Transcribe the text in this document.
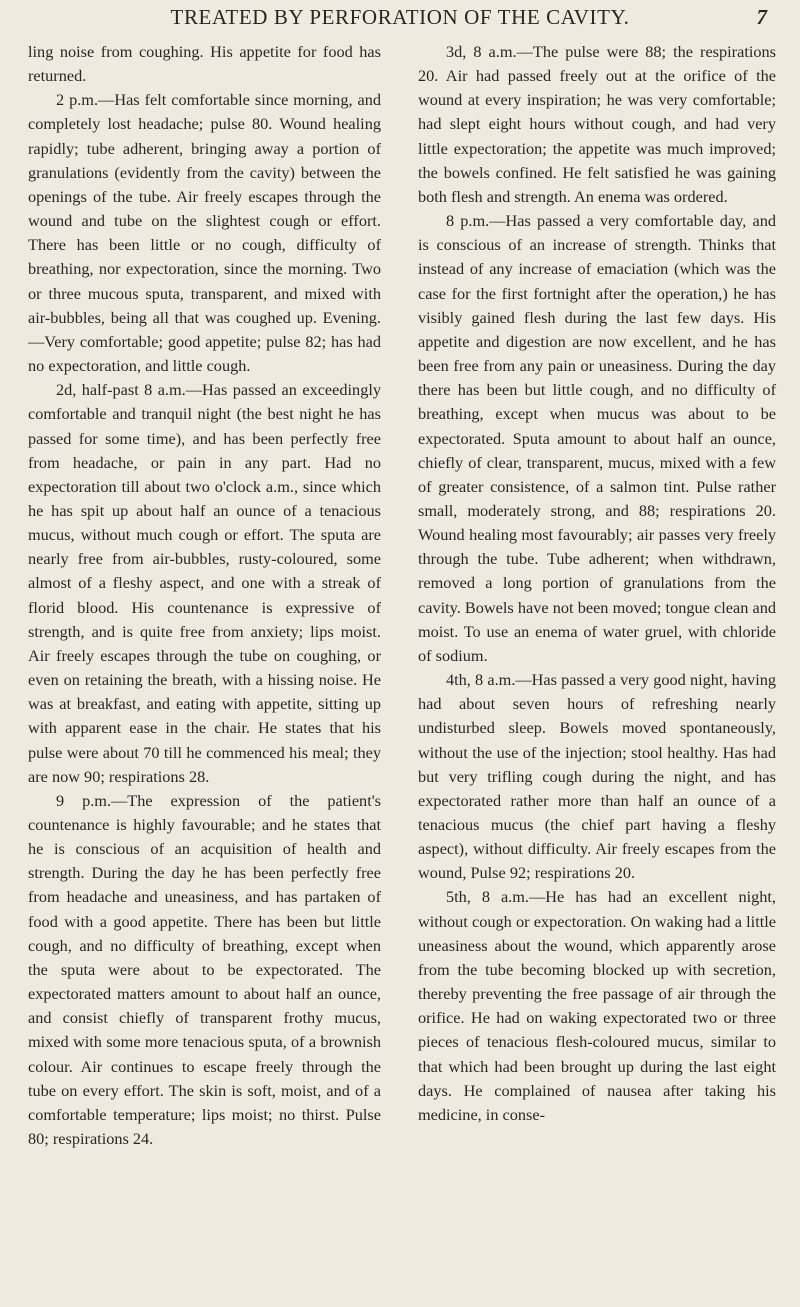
TREATED BY PERFORATION OF THE CAVITY.	7

ling noise from coughing. His appetite for food has returned.

2 p.m.—Has felt comfortable since morning, and completely lost headache; pulse 80. Wound healing rapidly; tube adherent, bringing away a portion of granulations (evidently from the cavity) between the openings of the tube. Air freely escapes through the wound and tube on the slightest cough or effort. There has been little or no cough, difficulty of breathing, nor expectoration, since the morning. Two or three mucous sputa, transparent, and mixed with air-bubbles, being all that was coughed up. Evening.—Very comfortable; good appetite; pulse 82; has had no expectoration, and little cough.

2d, half-past 8 a.m.—Has passed an exceedingly comfortable and tranquil night (the best night he has passed for some time), and has been perfectly free from headache, or pain in any part. Had no expectoration till about two o'clock a.m., since which he has spit up about half an ounce of a tenacious mucus, without much cough or effort. The sputa are nearly free from air-bubbles, rusty-coloured, some almost of a fleshy aspect, and one with a streak of florid blood. His countenance is expressive of strength, and is quite free from anxiety; lips moist. Air freely escapes through the tube on coughing, or even on retaining the breath, with a hissing noise. He was at breakfast, and eating with appetite, sitting up with apparent ease in the chair. He states that his pulse were about 70 till he commenced his meal; they are now 90; respirations 28.

9 p.m.—The expression of the patient's countenance is highly favourable; and he states that he is conscious of an acquisition of health and strength. During the day he has been perfectly free from headache and uneasiness, and has partaken of food with a good appetite. There has been but little cough, and no difficulty of breathing, except when the sputa were about to be expectorated. The expectorated matters amount to about half an ounce, and consist chiefly of transparent frothy mucus, mixed with some more tenacious sputa, of a brownish colour. Air continues to escape freely through the tube on every effort. The skin is soft, moist, and of a comfortable temperature; lips moist; no thirst. Pulse 80; respirations 24.

3d, 8 a.m.—The pulse were 88; the respirations 20. Air had passed freely out at the orifice of the wound at every inspiration; he was very comfortable; had slept eight hours without cough, and had very little expectoration; the appetite was much improved; the bowels confined. He felt satisfied he was gaining both flesh and strength. An enema was ordered.

8 p.m.—Has passed a very comfortable day, and is conscious of an increase of strength. Thinks that instead of any increase of emaciation (which was the case for the first fortnight after the operation,) he has visibly gained flesh during the last few days. His appetite and digestion are now excellent, and he has been free from any pain or uneasiness. During the day there has been but little cough, and no difficulty of breathing, except when mucus was about to be expectorated. Sputa amount to about half an ounce, chiefly of clear, transparent, mucus, mixed with a few of greater consistence, of a salmon tint. Pulse rather small, moderately strong, and 88; respirations 20. Wound healing most favourably; air passes very freely through the tube. Tube adherent; when withdrawn, removed a long portion of granulations from the cavity. Bowels have not been moved; tongue clean and moist. To use an enema of water gruel, with chloride of sodium.

4th, 8 a.m.—Has passed a very good night, having had about seven hours of refreshing nearly undisturbed sleep. Bowels moved spontaneously, without the use of the injection; stool healthy. Has had but very trifling cough during the night, and has expectorated rather more than half an ounce of a tenacious mucus (the chief part having a fleshy aspect), without difficulty. Air freely escapes from the wound, Pulse 92; respirations 20.

5th, 8 a.m.—He has had an excellent night, without cough or expectoration. On waking had a little uneasiness about the wound, which apparently arose from the tube becoming blocked up with secretion, thereby preventing the free passage of air through the orifice. He had on waking expectorated two or three pieces of tenacious flesh-coloured mucus, similar to that which had been brought up during the last eight days. He complained of nausea after taking his medicine, in conse-
